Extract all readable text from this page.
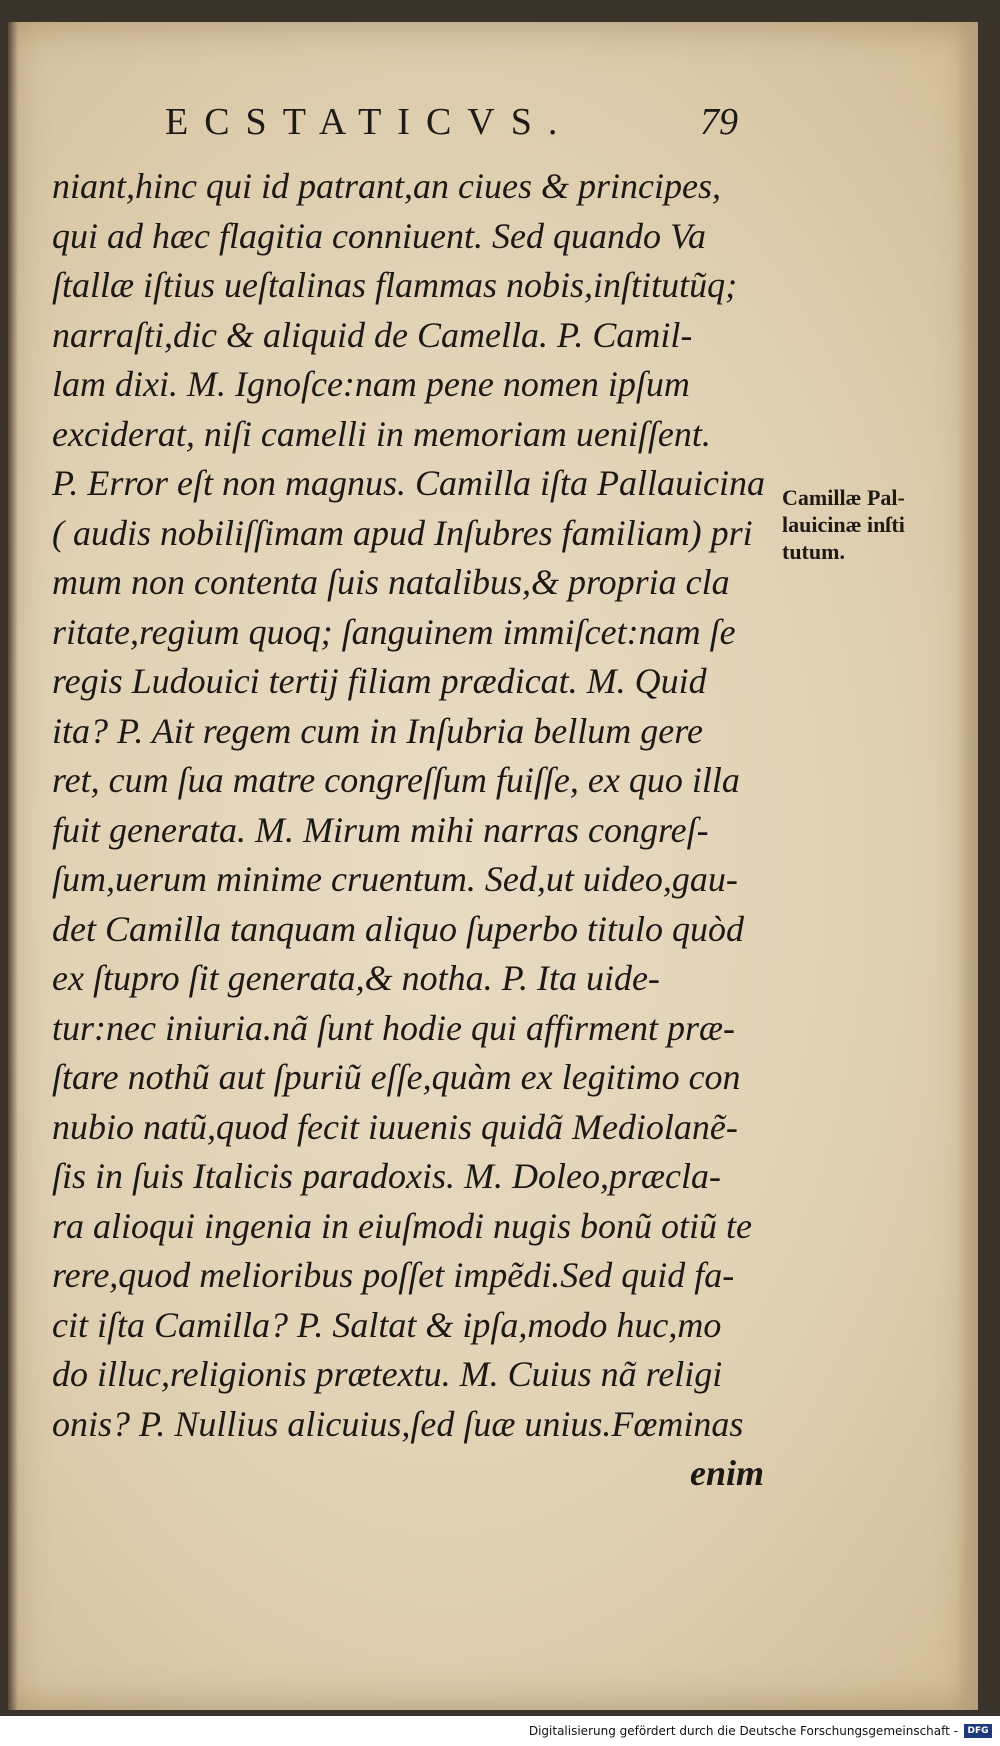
ECSTATICVS.	79
niant,hinc qui id patrant,an ciues & principes,
qui ad hæc flagitia conniuent. Sed quando Va
ſtallæ iſtius ueſtalinas flammas nobis,inſtitutũq;
narraſti,dic & aliquid de Camella. P. Camil-
lam dixi. M. Ignoſce:nam pene nomen ipſum
exciderat, niſi camelli in memoriam ueniſſent.
P. Error eſt non magnus. Camilla iſta Pallauicina
( audis nobiliſſimam apud Inſubres familiam) pri
mum non contenta ſuis natalibus,& propria cla
ritate,regium quoq; ſanguinem immiſcet:nam ſe
regis Ludouici tertij filiam prædicat. M. Quid
ita? P. Ait regem cum in Inſubria bellum gere
ret, cum ſua matre congreſſum fuiſſe, ex quo illa
fuit generata. M. Mirum mihi narras congreſ-
ſum,uerum minime cruentum. Sed,ut uideo,gau-
det Camilla tanquam aliquo ſuperbo titulo quòd
ex ſtupro ſit generata,& notha. P. Ita uide-
tur:nec iniuria.nã ſunt hodie qui affirment præ-
ſtare nothũ aut ſpuriũ eſſe,quàm ex legitimo con
nubio natũ,quod fecit iuuenis quidã Mediolanẽ-
ſis in ſuis Italicis paradoxis. M. Doleo,præcla-
ra alioqui ingenia in eiuſmodi nugis bonũ otiũ te
rere,quod melioribus poſſet impẽdi.Sed quid fa-
cit iſta Camilla? P. Saltat & ipſa,modo huc,mo
do illuc,religionis prætextu. M. Cuius nã religi
onis? P. Nullius alicuius,ſed ſuæ unius.Fœminas
enim
Camillæ Pal-
lauicinæ inſti
tutum.
Digitalisierung gefördert durch die Deutsche Forschungsgemeinschaft -	DFG
